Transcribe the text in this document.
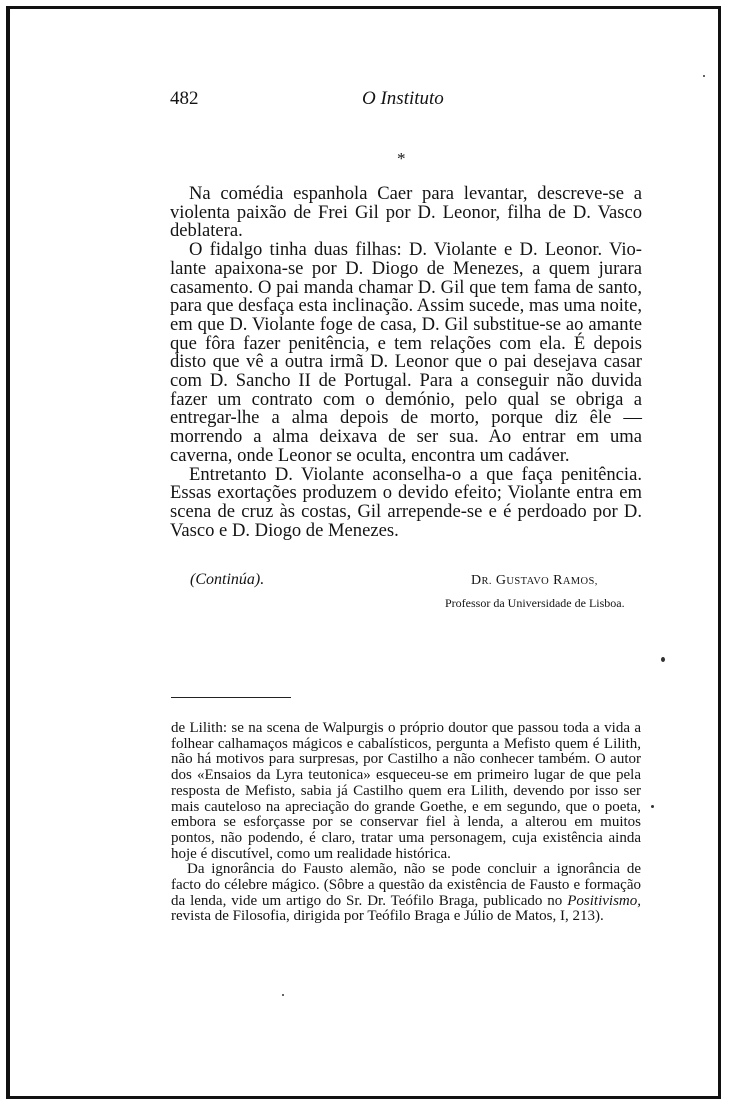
482	O Instituto
*

Na comédia espanhola Caer para levantar, descreve-se a violenta paixão de Frei Gil por D. Leonor, filha de D. Vasco deblatera.

O fidalgo tinha duas filhas: D. Violante e D. Leonor. Violante apaixona-se por D. Diogo de Menezes, a quem jurara casamento. O pai manda chamar D. Gil que tem fama de santo, para que desfaça esta inclinação. Assim sucede, mas uma noite, em que D. Violante foge de casa, D. Gil substitue-se ao amante que fôra fazer penitência, e tem relações com ela. É depois disto que vê a outra irmã D. Leonor que o pai desejava casar com D. Sancho II de Portugal. Para a conseguir não duvida fazer um contrato com o demónio, pelo qual se obriga a entregar-lhe a alma depois de morto, porque diz êle — morrendo a alma deixava de ser sua. Ao entrar em uma caverna, onde Leonor se oculta, encontra um cadáver.

Entretanto D. Violante aconselha-o a que faça penitência. Essas exortações produzem o devido efeito; Violante entra em scena de cruz às costas, Gil arrepende-se e é perdoado por D. Vasco e D. Diogo de Menezes.

(Continúa).	DR. GUSTAVO RAMOS,
Professor da Universidade de Lisboa.

de Lilith: se na scena de Walpurgis o próprio doutor que passou toda a vida a folhear calhamaços mágicos e cabalísticos, pergunta a Mefisto quem é Lilith, não há motivos para surpresas, por Castilho a não conhecer também. O autor dos «Ensaios da Lyra teutonica» esqueceu-se em primeiro lugar de que pela resposta de Mefisto, sabia já Castilho quem era Lilith, devendo por isso ser mais cauteloso na apreciação do grande Goethe, e em segundo, que o poeta, embora se esforçasse por se conservar fiel à lenda, a alterou em muitos pontos, não podendo, é claro, tratar uma personagem, cuja existência ainda hoje é discutível, como um realidade histórica.

Da ignorância do Fausto alemão, não se pode concluir a ignorância de facto do célebre mágico. (Sôbre a questão da existência de Fausto e formação da lenda, vide um artigo do Sr. Dr. Teófilo Braga, publicado no Positivismo, revista de Filosofia, dirigida por Teófilo Braga e Júlio de Matos, I, 213).
